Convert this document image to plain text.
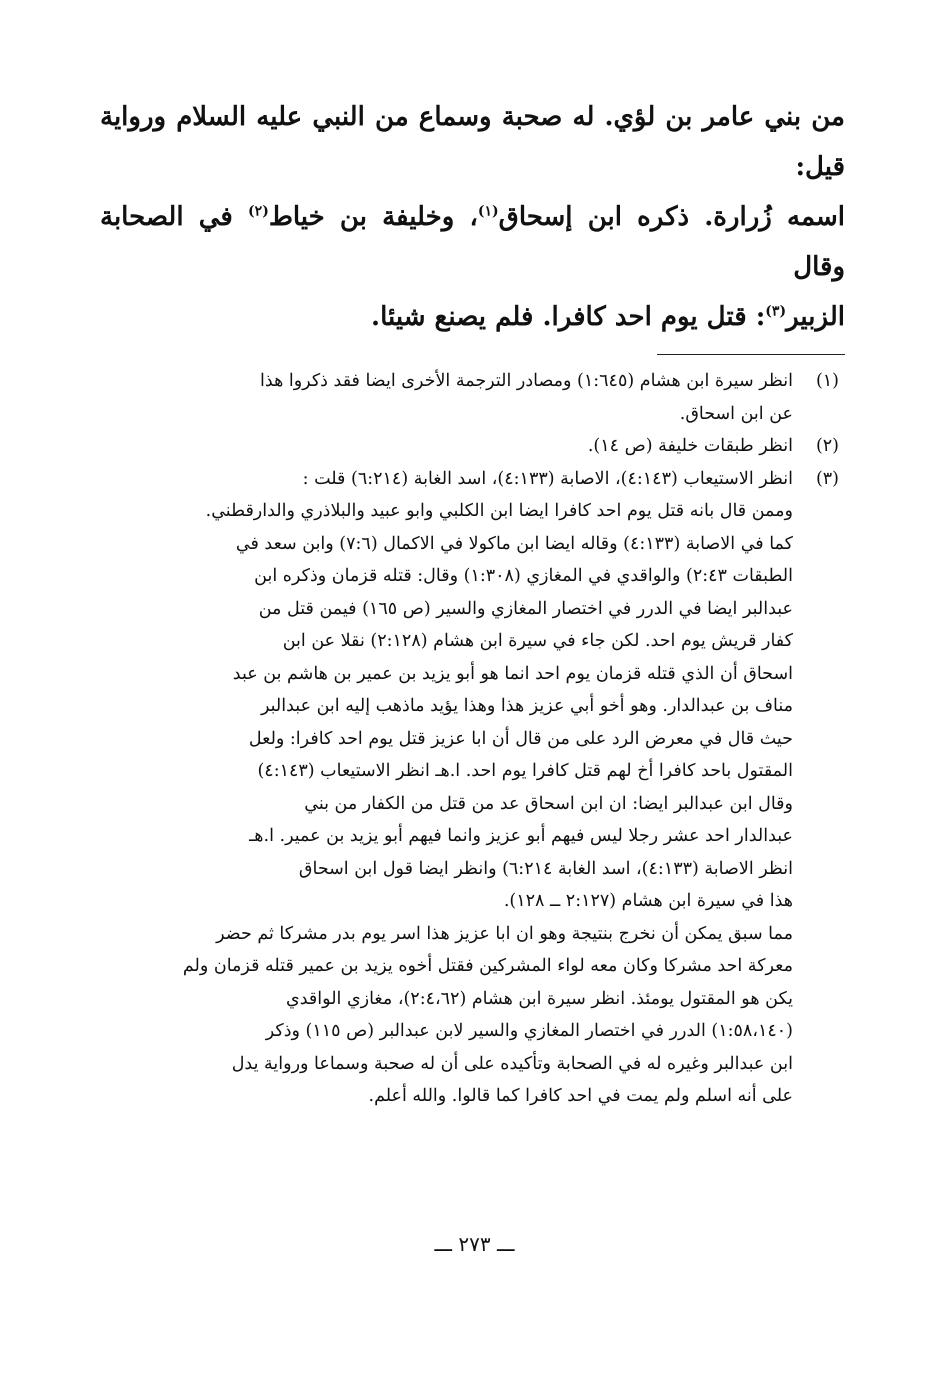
من بني عامر بن لؤي. له صحبة وسماع من النبي عليه السلام ورواية قيل:

اسمه زُرارة. ذكره ابن إسحاق$^{(١)}$، وخليفة بن خياط$^{(٢)}$ في الصحابة وقال

الزبير$^{(٣)}$: قتل يوم احد كافرا. فلم يصنع شيئا.

(١)

انظر سيرة ابن هشام (١:٦٤٥) ومصادر الترجمة الأخرى ايضا فقد ذكروا هذا

عن ابن اسحاق.

(٢)

انظر طبقات خليفة (ص ١٤).

(٣)

انظر الاستيعاب (٤:١٤٣)، الاصابة (٤:١٣٣)، اسد الغابة (٦:٢١٤) قلت :

وممن قال بانه قتل يوم احد كافرا ايضا ابن الكلبي وابو عبيد والبلاذري والدارقطني.

كما في الاصابة (٤:١٣٣) وقاله ايضا ابن ماكولا في الاكمال (٧:٦) وابن سعد في

الطبقات ٢:٤٣) والواقدي في المغازي (١:٣٠٨) وقال: قتله قزمان وذكره ابن

عبدالبر ايضا في الدرر في اختصار المغازي والسير (ص ١٦٥) فيمن قتل من

كفار قريش يوم احد. لكن جاء في سيرة ابن هشام (٢:١٢٨) نقلا عن ابن

اسحاق أن الذي قتله قزمان يوم احد انما هو أبو يزيد بن عمير بن هاشم بن عبد

مناف بن عبدالدار. وهو أخو أبي عزيز هذا وهذا يؤيد ماذهب إليه ابن عبدالبر

حيث قال في معرض الرد على من قال أن ابا عزيز قتل يوم احد كافرا: ولعل

المقتول باحد كافرا أخ لهم قتل كافرا يوم احد. ا.هـ انظر الاستيعاب (٤:١٤٣)

وقال ابن عبدالبر ايضا: ان ابن اسحاق عد من قتل من الكفار من بني

عبدالدار احد عشر رجلا ليس فيهم أبو عزيز وانما فيهم أبو يزيد بن عمير. ا.هـ

انظر الاصابة (٤:١٣٣)، اسد الغابة ٦:٢١٤) وانظر ايضا قول ابن اسحاق

هذا في سيرة ابن هشام (٢:١٢٧ ــ ١٢٨).

مما سبق يمكن أن نخرج بنتيجة وهو ان ابا عزيز هذا اسر يوم بدر مشركا ثم حضر

معركة احد مشركا وكان معه لواء المشركين فقتل أخوه يزيد بن عمير قتله قزمان ولم

يكن هو المقتول يومئذ. انظر سيرة ابن هشام (٢:٤،٦٢)، مغازي الواقدي

(١:٥٨،١٤٠) الدرر في اختصار المغازي والسير لابن عبدالبر (ص ١١٥) وذكر

ابن عبدالبر وغيره له في الصحابة وتأكيده على أن له صحبة وسماعا ورواية يدل

على أنه اسلم ولم يمت في احد كافرا كما قالوا. والله أعلم.

ـــ ٢٧٣ ـــ
